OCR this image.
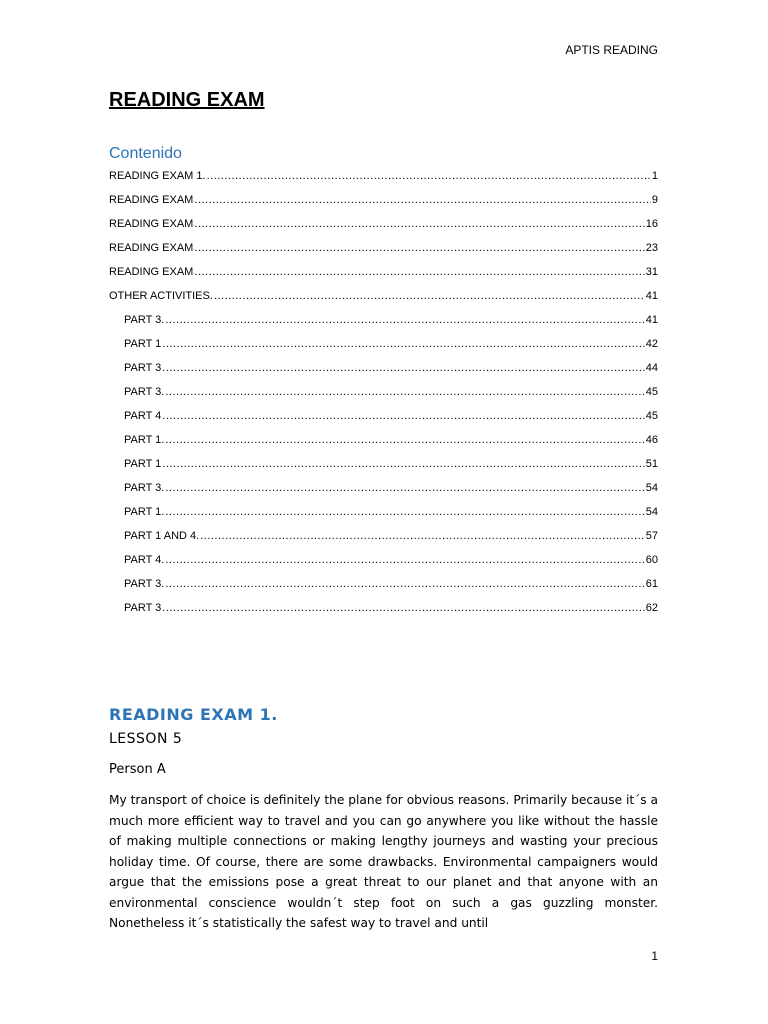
APTIS READING
READING EXAM
Contenido
READING EXAM 1. .....	1
READING EXAM .....	9
READING EXAM .....	16
READING EXAM .....	23
READING EXAM .....	31
OTHER ACTIVITIES. .....	41
PART 3. .....	41
PART 1 .....	42
PART 3 .....	44
PART 3. .....	45
PART 4 .....	45
PART 1. .....	46
PART 1 .....	51
PART 3. .....	54
PART 1. .....	54
PART 1 AND 4. .....	57
PART 4. .....	60
PART 3. .....	61
PART 3 .....	62
READING EXAM 1.
LESSON 5
Person A

My transport of choice is definitely the plane for obvious reasons. Primarily because it´s a much more efficient way to travel and you can go anywhere you like without the hassle of making multiple connections or making lengthy journeys and wasting your precious holiday time. Of course, there are some drawbacks. Environmental campaigners would argue that the emissions pose a great threat to our planet and that anyone with an environmental conscience wouldn´t step foot on such a gas guzzling monster. Nonetheless it´s statistically the safest way to travel and until

1
